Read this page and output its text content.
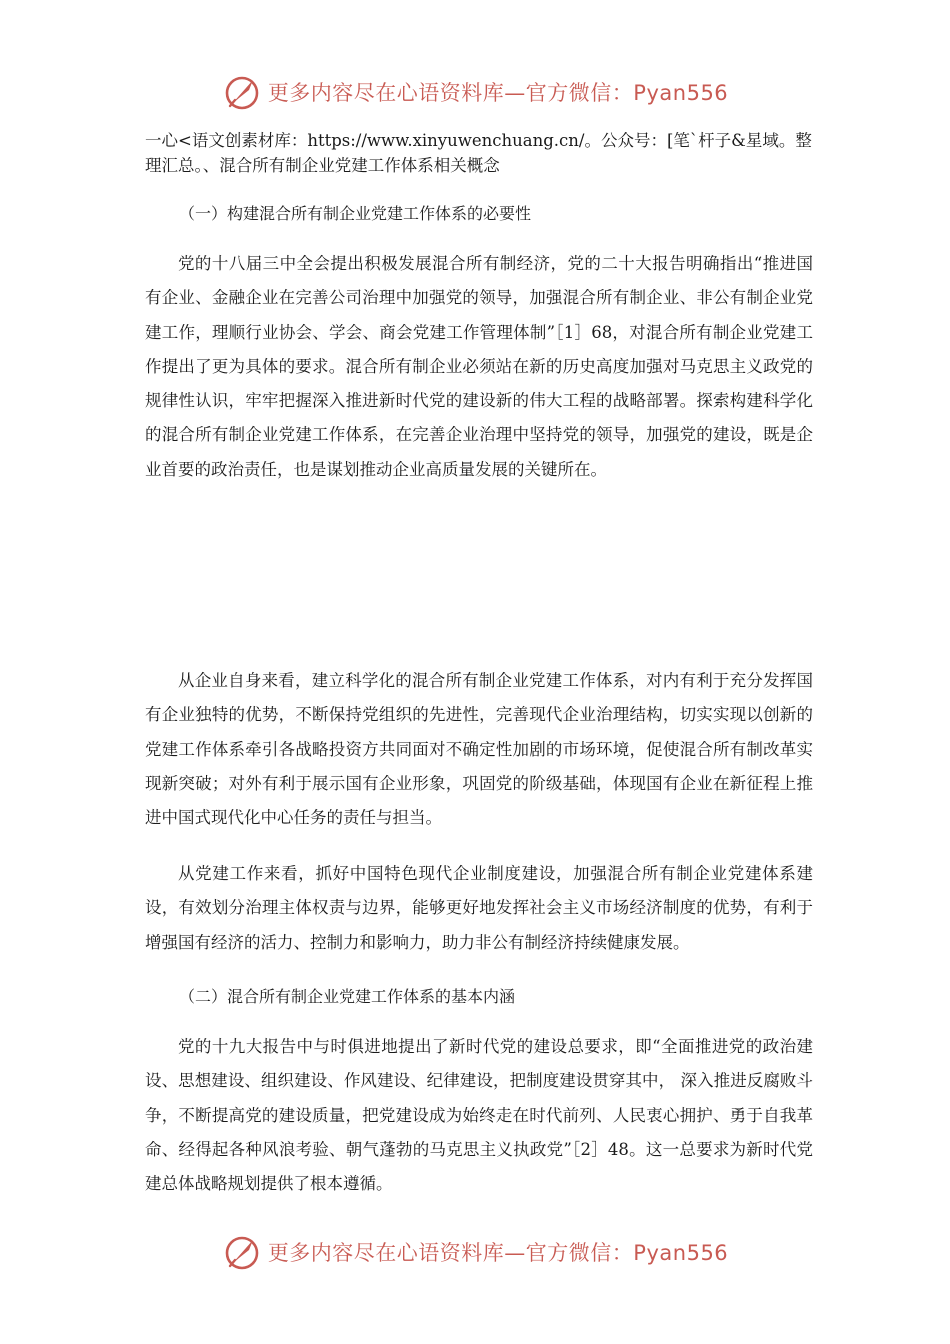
更多内容尽在心语资料库—官方微信：Pyan556

一心<语文创素材库：https://www.xinyuwenchuang.cn/。公众号：[笔`杆子&星域。整理汇总。、混合所有制企业党建工作体系相关概念

（一）构建混合所有制企业党建工作体系的必要性

党的十八届三中全会提出积极发展混合所有制经济，党的二十大报告明确指出“推进国有企业、金融企业在完善公司治理中加强党的领导，加强混合所有制企业、非公有制企业党建工作，理顺行业协会、学会、商会党建工作管理体制”［1］68，对混合所有制企业党建工作提出了更为具体的要求。混合所有制企业必须站在新的历史高度加强对马克思主义政党的规律性认识，牢牢把握深入推进新时代党的建设新的伟大工程的战略部署。探索构建科学化的混合所有制企业党建工作体系，在完善企业治理中坚持党的领导，加强党的建设，既是企业首要的政治责任，也是谋划推动企业高质量发展的关键所在。

从企业自身来看，建立科学化的混合所有制企业党建工作体系，对内有利于充分发挥国有企业独特的优势，不断保持党组织的先进性，完善现代企业治理结构，切实实现以创新的党建工作体系牵引各战略投资方共同面对不确定性加剧的市场环境，促使混合所有制改革实现新突破；对外有利于展示国有企业形象，巩固党的阶级基础，体现国有企业在新征程上推进中国式现代化中心任务的责任与担当。

从党建工作来看，抓好中国特色现代企业制度建设，加强混合所有制企业党建体系建设，有效划分治理主体权责与边界，能够更好地发挥社会主义市场经济制度的优势，有利于增强国有经济的活力、控制力和影响力，助力非公有制经济持续健康发展。

（二）混合所有制企业党建工作体系的基本内涵

党的十九大报告中与时俱进地提出了新时代党的建设总要求，即“全面推进党的政治建设、思想建设、组织建设、作风建设、纪律建设，把制度建设贯穿其中， 深入推进反腐败斗争，不断提高党的建设质量，把党建设成为始终走在时代前列、人民衷心拥护、勇于自我革命、经得起各种风浪考验、朝气蓬勃的马克思主义执政党”［2］48。这一总要求为新时代党建总体战略规划提供了根本遵循。

更多内容尽在心语资料库—官方微信：Pyan556
